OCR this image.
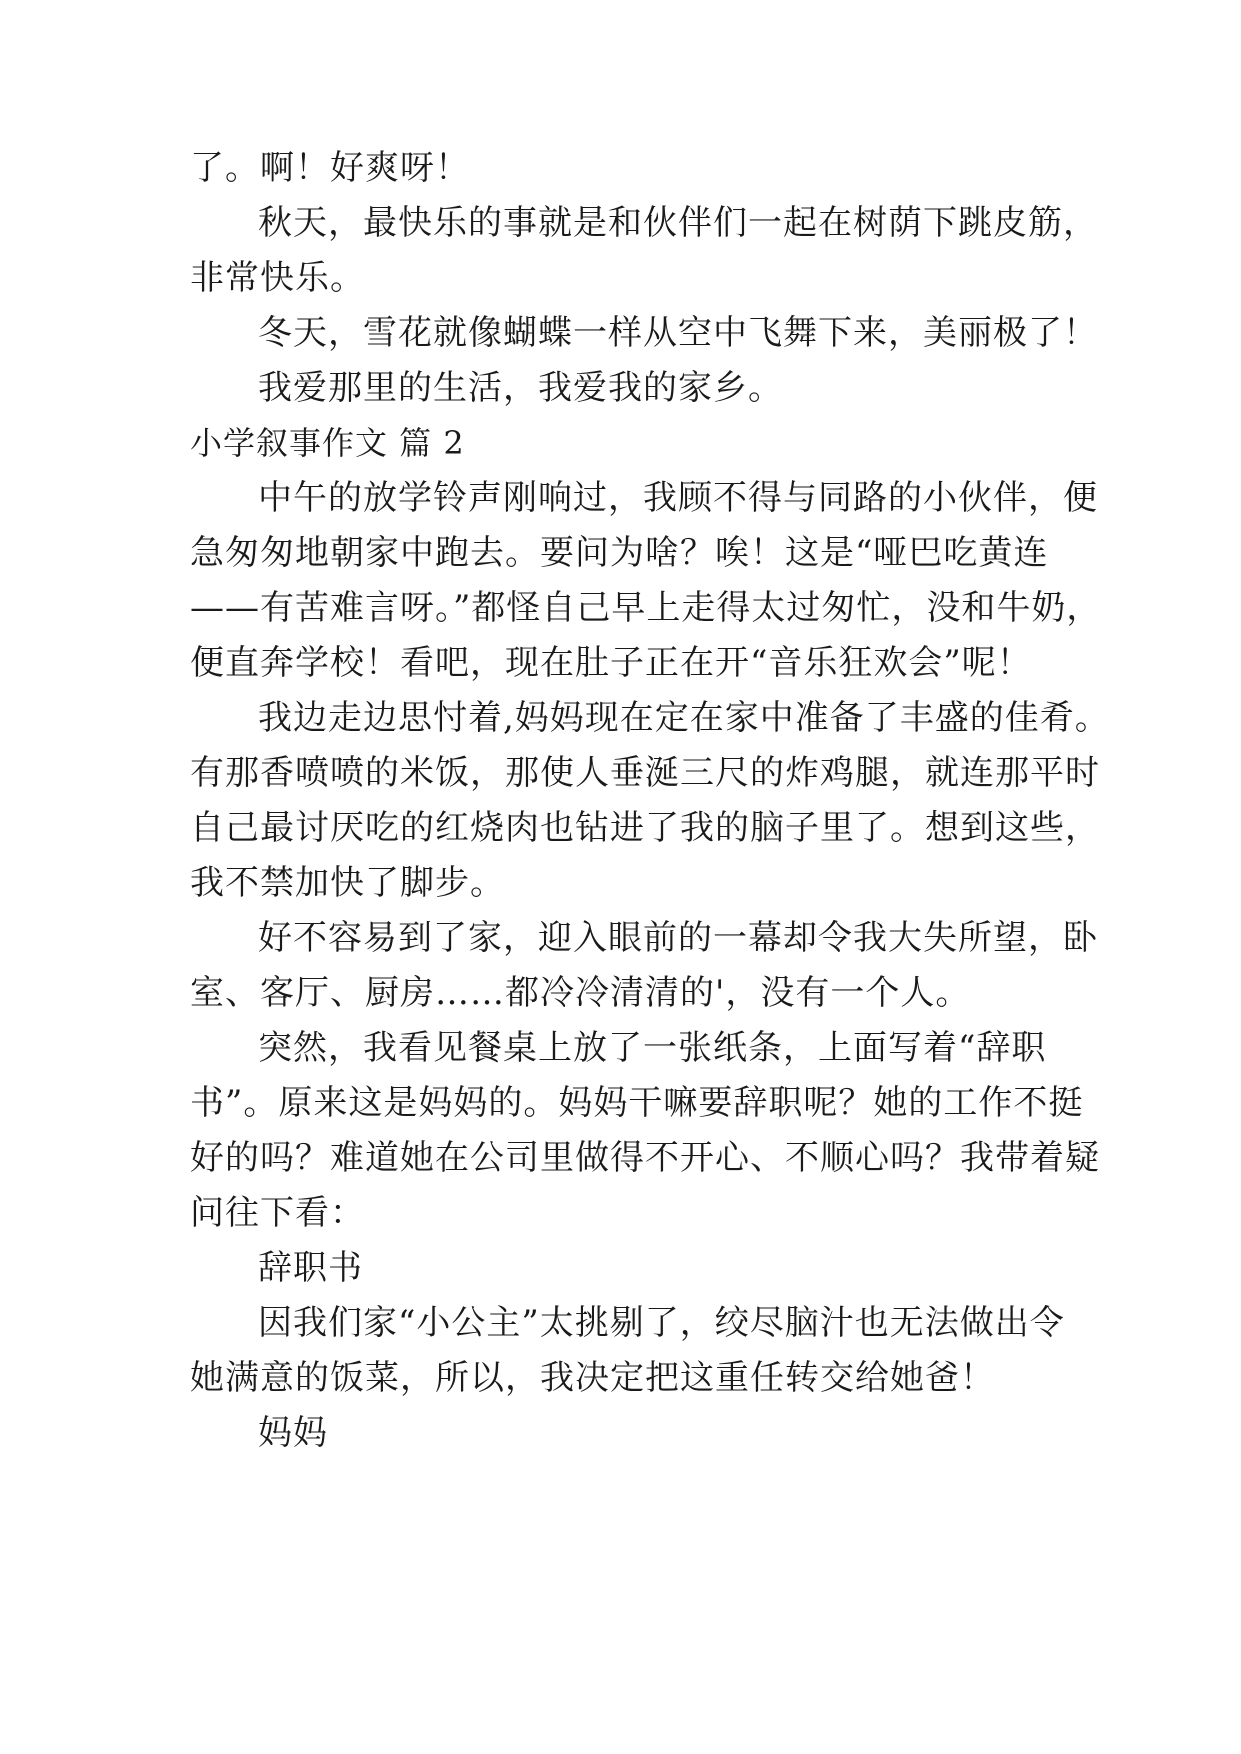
了。啊！好爽呀！
秋天，最快乐的事就是和伙伴们一起在树荫下跳皮筋，
非常快乐。
冬天，雪花就像蝴蝶一样从空中飞舞下来，美丽极了！
我爱那里的生活，我爱我的家乡。
小学叙事作文 篇 2
中午的放学铃声刚响过，我顾不得与同路的小伙伴，便
急匆匆地朝家中跑去。要问为啥？唉！这是“哑巴吃黄连
——有苦难言呀。”都怪自己早上走得太过匆忙，没和牛奶，
便直奔学校！看吧，现在肚子正在开“音乐狂欢会”呢！
我边走边思忖着,妈妈现在定在家中准备了丰盛的佳肴。
有那香喷喷的米饭，那使人垂涎三尺的炸鸡腿，就连那平时
自己最讨厌吃的红烧肉也钻进了我的脑子里了。想到这些，
我不禁加快了脚步。
好不容易到了家，迎入眼前的一幕却令我大失所望，卧
室、客厅、厨房……都冷冷清清的'，没有一个人。
突然，我看见餐桌上放了一张纸条，上面写着“辞职
书”。原来这是妈妈的。妈妈干嘛要辞职呢？她的工作不挺
好的吗？难道她在公司里做得不开心、不顺心吗？我带着疑
问往下看：
辞职书
因我们家“小公主”太挑剔了，绞尽脑汁也无法做出令
她满意的饭菜，所以，我决定把这重任转交给她爸！
妈妈
